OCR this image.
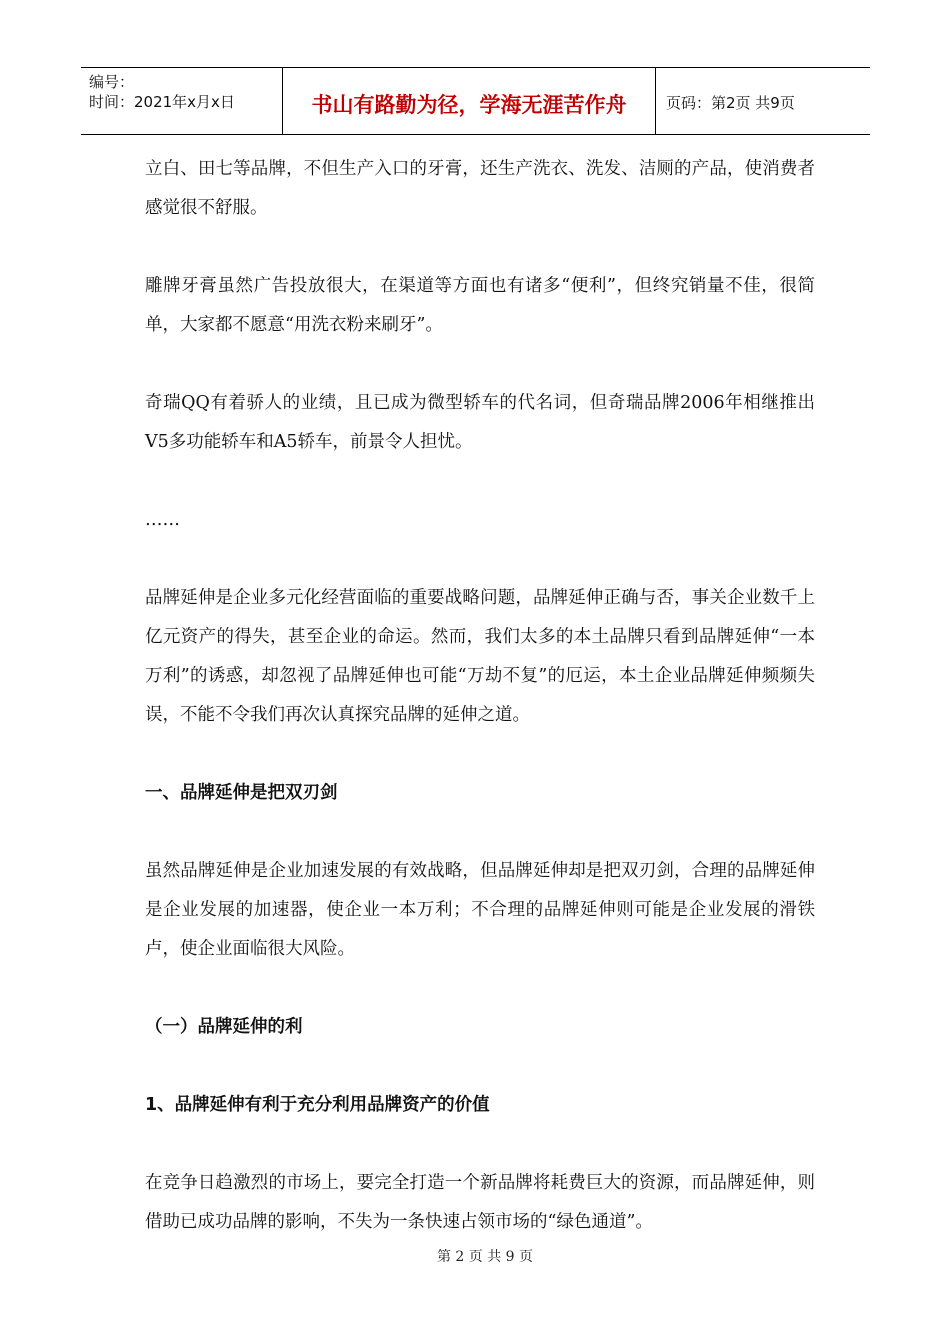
编号：
时间：2021年x月x日	书山有路勤为径，学海无涯苦作舟	页码：第2页 共9页

立白、田七等品牌，不但生产入口的牙膏，还生产洗衣、洗发、洁厕的产品，使消费者感觉很不舒服。

雕牌牙膏虽然广告投放很大，在渠道等方面也有诸多“便利”，但终究销量不佳，很简单，大家都不愿意“用洗衣粉来刷牙”。

奇瑞QQ有着骄人的业绩，且已成为微型轿车的代名词，但奇瑞品牌2006年相继推出V5多功能轿车和A5轿车，前景令人担忧。

……

品牌延伸是企业多元化经营面临的重要战略问题，品牌延伸正确与否，事关企业数千上亿元资产的得失，甚至企业的命运。然而，我们太多的本土品牌只看到品牌延伸“一本万利”的诱惑，却忽视了品牌延伸也可能“万劫不复”的厄运，本土企业品牌延伸频频失误，不能不令我们再次认真探究品牌的延伸之道。

一、品牌延伸是把双刃剑

虽然品牌延伸是企业加速发展的有效战略，但品牌延伸却是把双刃剑，合理的品牌延伸是企业发展的加速器，使企业一本万利；不合理的品牌延伸则可能是企业发展的滑铁卢，使企业面临很大风险。

（一）品牌延伸的利

1、品牌延伸有利于充分利用品牌资产的价值

在竞争日趋激烈的市场上，要完全打造一个新品牌将耗费巨大的资源，而品牌延伸，则借助已成功品牌的影响，不失为一条快速占领市场的“绿色通道”。

第 2 页 共 9 页
